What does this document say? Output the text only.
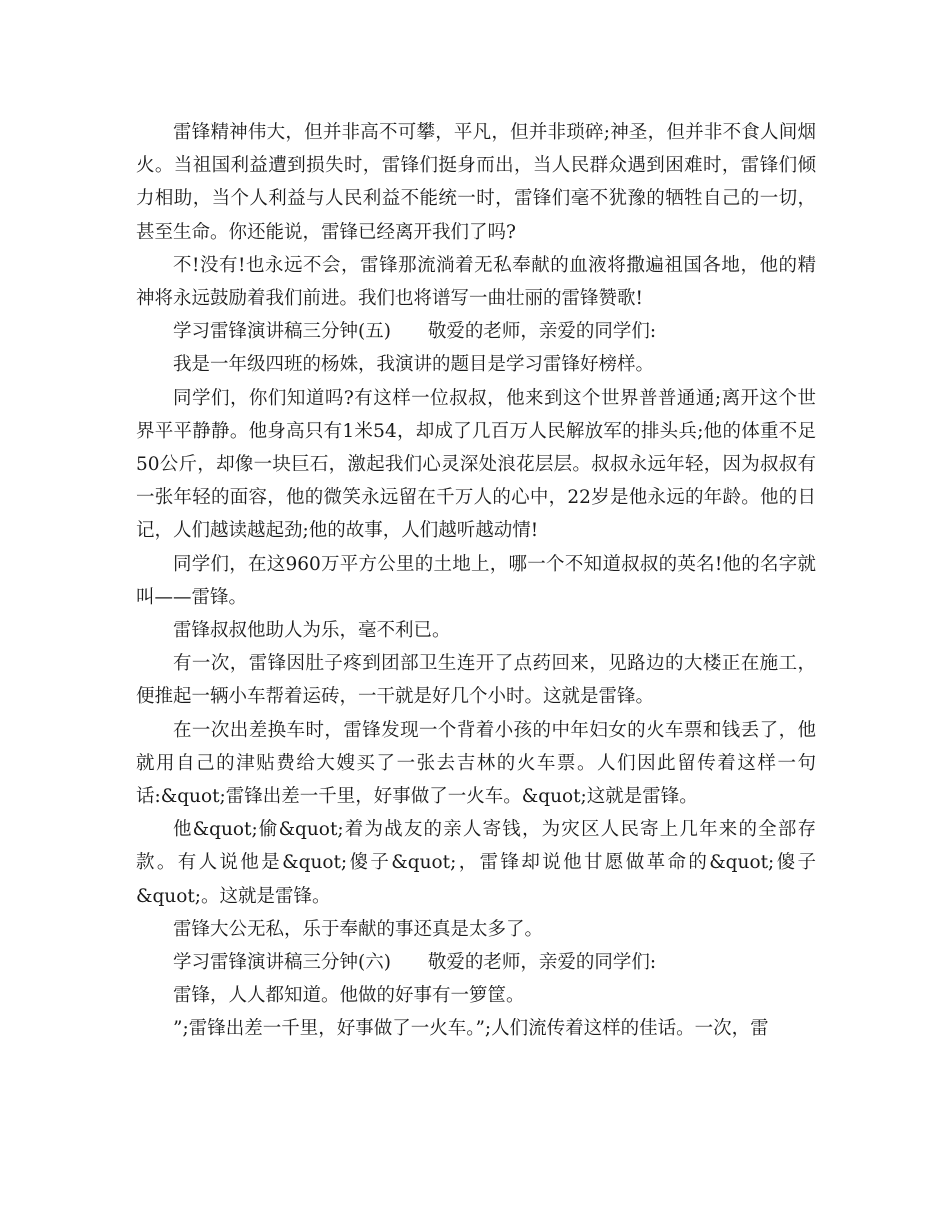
雷锋精神伟大，但并非高不可攀，平凡，但并非琐碎;神圣，但并非不食人间烟火。当祖国利益遭到损失时，雷锋们挺身而出，当人民群众遇到困难时，雷锋们倾力相助，当个人利益与人民利益不能统一时，雷锋们毫不犹豫的牺牲自己的一切，甚至生命。你还能说，雷锋已经离开我们了吗?

不!没有!也永远不会，雷锋那流淌着无私奉献的血液将撒遍祖国各地，他的精神将永远鼓励着我们前进。我们也将谱写一曲壮丽的雷锋赞歌!

学习雷锋演讲稿三分钟(五)　　敬爱的老师，亲爱的同学们:

我是一年级四班的杨姝，我演讲的题目是学习雷锋好榜样。

同学们，你们知道吗?有这样一位叔叔，他来到这个世界普普通通;离开这个世界平平静静。他身高只有1米54，却成了几百万人民解放军的排头兵;他的体重不足50公斤，却像一块巨石，激起我们心灵深处浪花层层。叔叔永远年轻，因为叔叔有一张年轻的面容，他的微笑永远留在千万人的心中，22岁是他永远的年龄。他的日记，人们越读越起劲;他的故事，人们越听越动情!

同学们，在这960万平方公里的土地上，哪一个不知道叔叔的英名!他的名字就叫——雷锋。

雷锋叔叔他助人为乐，毫不利已。

有一次，雷锋因肚子疼到团部卫生连开了点药回来，见路边的大楼正在施工，便推起一辆小车帮着运砖，一干就是好几个小时。这就是雷锋。

在一次出差换车时，雷锋发现一个背着小孩的中年妇女的火车票和钱丢了，他就用自己的津贴费给大嫂买了一张去吉林的火车票。人们因此留传着这样一句话:&quot;雷锋出差一千里，好事做了一火车。&quot;这就是雷锋。

他&quot;偷&quot;着为战友的亲人寄钱，为灾区人民寄上几年来的全部存款。有人说他是&quot;傻子&quot;，雷锋却说他甘愿做革命的&quot;傻子&quot;。这就是雷锋。

雷锋大公无私，乐于奉献的事还真是太多了。

学习雷锋演讲稿三分钟(六)　　敬爱的老师，亲爱的同学们:

雷锋，人人都知道。他做的好事有一箩筐。

”;雷锋出差一千里，好事做了一火车。”;人们流传着这样的佳话。一次，雷
